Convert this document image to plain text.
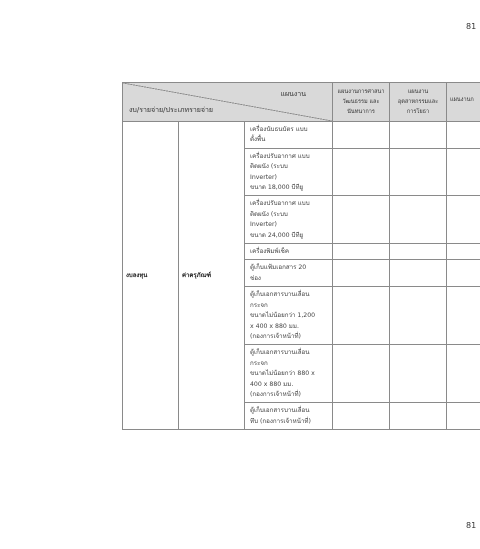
81
แผนงาน
งบ/รายจ่าย/ประเภทรายจ่าย			แผนงานการศาสนา
วัฒนธรรม และ
นันทนาการ	แผนงาน
อุตสาหกรรมและ
การโยธา	แผนงานก
งบลงทุน	ค่าครุภัณฑ์	เครื่องนับธนบัตร แบบ
ตั้งพื้น			

		เครื่องปรับอากาศ แบบ
ติดผนัง (ระบบ
Inverter)
ขนาด 18,000 บีทียู			

		เครื่องปรับอากาศ แบบ
ติดผนัง (ระบบ
Inverter)
ขนาด 24,000 บีทียู			

		เครื่องพิมพ์เช็ค			

		ตู้เก็บแฟ้มเอกสาร 20
ช่อง			

		ตู้เก็บเอกสารบานเลื่อน
กระจก
ขนาดไม่น้อยกว่า 1,200
x 400 x 880 มม.
(กองการเจ้าหน้าที่)			

		ตู้เก็บเอกสารบานเลื่อน
กระจก
ขนาดไม่น้อยกว่า 880 x
400 x 880 มม.
(กองการเจ้าหน้าที่)			

		ตู้เก็บเอกสารบานเลื่อน
ทึบ (กองการเจ้าหน้าที่)			

81
